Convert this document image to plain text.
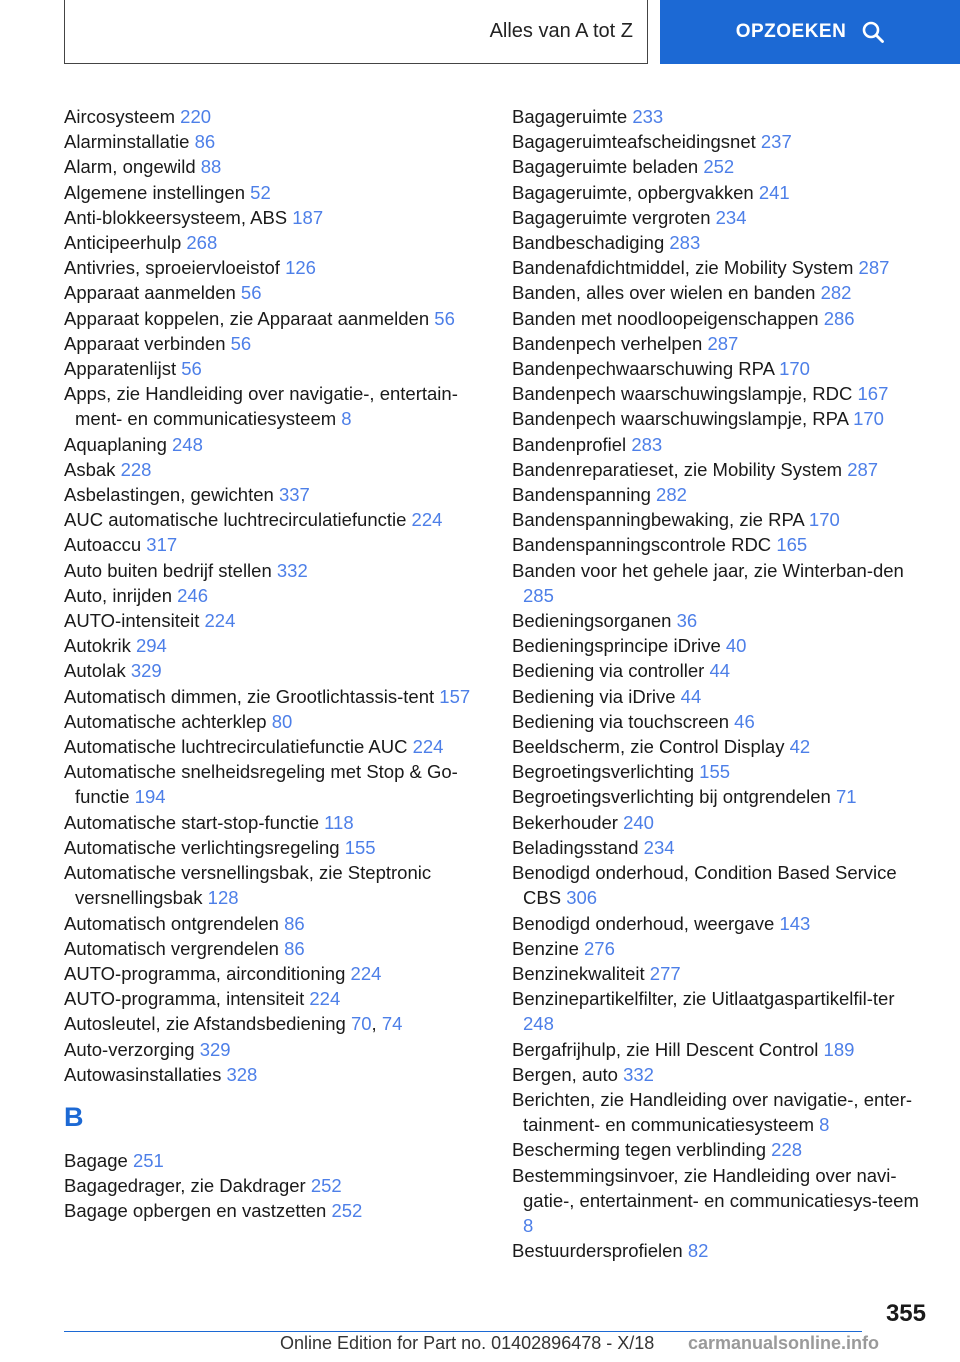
Alles van A tot Z	OPZOEKEN
Aircosysteem 220
Alarminstallatie 86
Alarm, ongewild 88
Algemene instellingen 52
Anti-blokkeersysteem, ABS 187
Anticipeerhulp 268
Antivries, sproeiervloeistof 126
Apparaat aanmelden 56
Apparaat koppelen, zie Apparaat aanmelden 56
Apparaat verbinden 56
Apparatenlijst 56
Apps, zie Handleiding over navigatie-, entertain-ment- en communicatiesysteem 8
Aquaplaning 248
Asbak 228
Asbelastingen, gewichten 337
AUC automatische luchtrecirculatiefunctie 224
Autoaccu 317
Auto buiten bedrijf stellen 332
Auto, inrijden 246
AUTO-intensiteit 224
Autokrik 294
Autolak 329
Automatisch dimmen, zie Grootlichtassis-tent 157
Automatische achterklep 80
Automatische luchtrecirculatiefunctie AUC 224
Automatische snelheidsregeling met Stop & Go-functie 194
Automatische start-stop-functie 118
Automatische verlichtingsregeling 155
Automatische versnellingsbak, zie Steptronic versnellingsbak 128
Automatisch ontgrendelen 86
Automatisch vergrendelen 86
AUTO-programma, airconditioning 224
AUTO-programma, intensiteit 224
Autosleutel, zie Afstandsbediening 70, 74
Auto-verzorging 329
Autowasinstallaties 328
B
Bagage 251
Bagagedrager, zie Dakdrager 252
Bagage opbergen en vastzetten 252
Bagageruimte 233
Bagageruimteafscheidingsnet 237
Bagageruimte beladen 252
Bagageruimte, opbergvakken 241
Bagageruimte vergroten 234
Bandbeschadiging 283
Bandenafdichtmiddel, zie Mobility System 287
Banden, alles over wielen en banden 282
Banden met noodloopeigenschappen 286
Bandenpech verhelpen 287
Bandenpechwaarschuwing RPA 170
Bandenpech waarschuwingslampje, RDC 167
Bandenpech waarschuwingslampje, RPA 170
Bandenprofiel 283
Bandenreparatieset, zie Mobility System 287
Bandenspanning 282
Bandenspanningbewaking, zie RPA 170
Bandenspanningscontrole RDC 165
Banden voor het gehele jaar, zie Winterban-den 285
Bedieningsorganen 36
Bedieningsprincipe iDrive 40
Bediening via controller 44
Bediening via iDrive 44
Bediening via touchscreen 46
Beeldscherm, zie Control Display 42
Begroetingsverlichting 155
Begroetingsverlichting bij ontgrendelen 71
Bekerhouder 240
Beladingsstand 234
Benodigd onderhoud, Condition Based Service CBS 306
Benodigd onderhoud, weergave 143
Benzine 276
Benzinekwaliteit 277
Benzinepartikelfilter, zie Uitlaatgaspartikelfil-ter 248
Bergafrijhulp, zie Hill Descent Control 189
Bergen, auto 332
Berichten, zie Handleiding over navigatie-, enter-tainment- en communicatiesysteem 8
Bescherming tegen verblinding 228
Bestemmingsinvoer, zie Handleiding over navi-gatie-, entertainment- en communicatiesys-teem 8
Bestuurdersprofielen 82
355
Online Edition for Part no. 01402896478 - X/18 carmanualsonline.info
